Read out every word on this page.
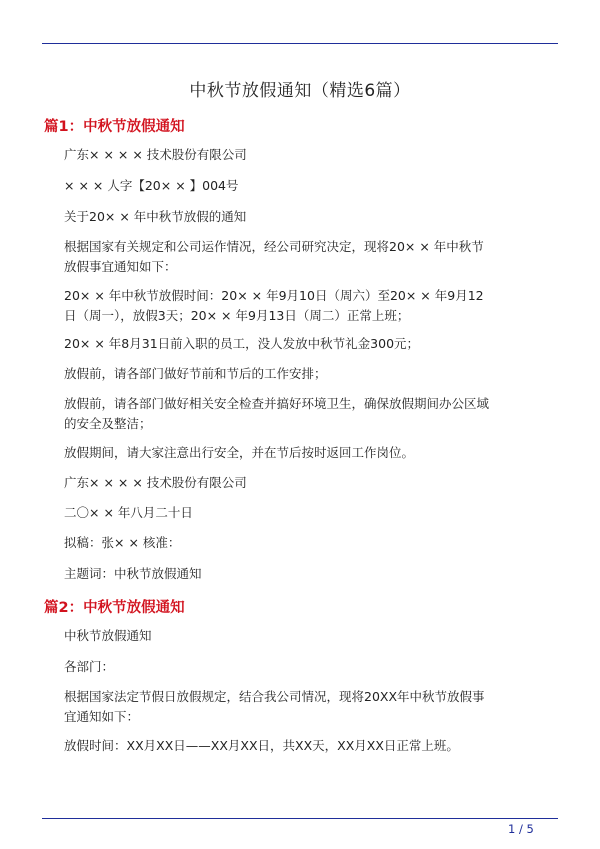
中秋节放假通知（精选6篇）
篇1：中秋节放假通知
广东× × × × 技术股份有限公司
× × × 人字【20× × 】004号
关于20× × 年中秋节放假的通知
根据国家有关规定和公司运作情况，经公司研究决定，现将20× × 年中秋节放假事宜通知如下：
20× × 年中秋节放假时间：20× × 年9月10日（周六）至20× × 年9月12日（周一），放假3天；20× × 年9月13日（周二）正常上班；
20× × 年8月31日前入职的员工，没人发放中秋节礼金300元；
放假前，请各部门做好节前和节后的工作安排；
放假前，请各部门做好相关安全检查并搞好环境卫生，确保放假期间办公区域的安全及整洁；
放假期间，请大家注意出行安全，并在节后按时返回工作岗位。
广东× × × × 技术股份有限公司
二〇× × 年八月二十日
拟稿：张× × 核准：
主题词：中秋节放假通知
篇2：中秋节放假通知
中秋节放假通知
各部门：
根据国家法定节假日放假规定，结合我公司情况，现将20XX年中秋节放假事宜通知如下：
放假时间：XX月XX日——XX月XX日，共XX天，XX月XX日正常上班。
1 / 5
